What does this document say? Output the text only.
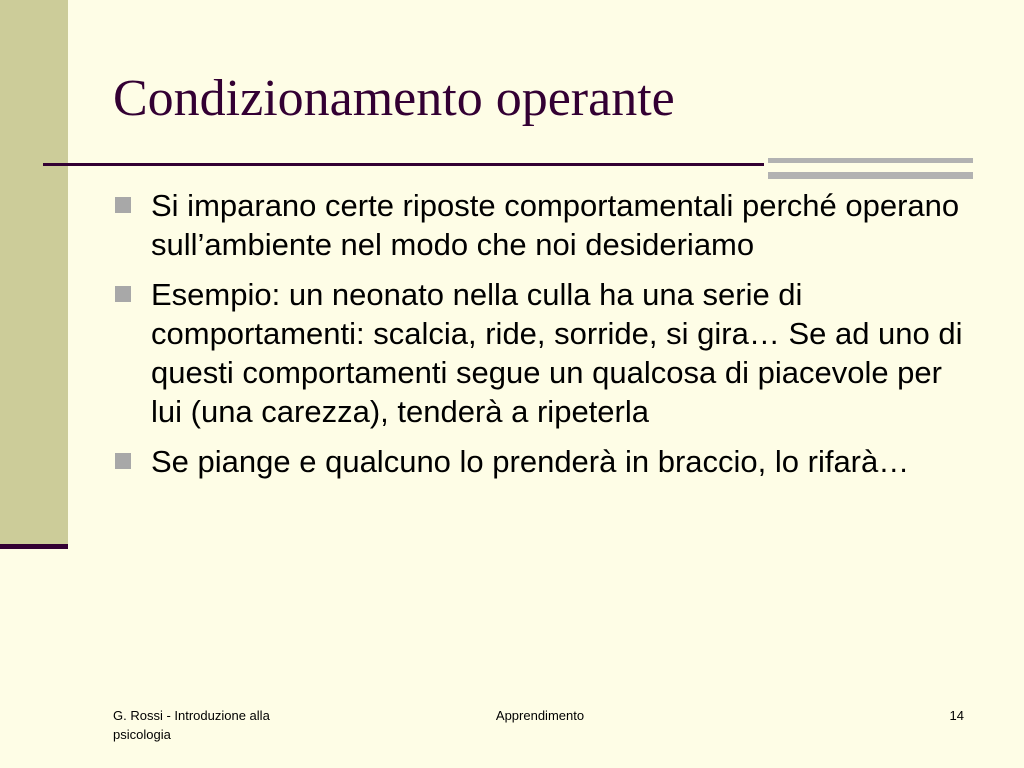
Condizionamento operante
Si imparano certe riposte comportamentali perché operano sull’ambiente nel modo che noi desideriamo
Esempio: un neonato nella culla ha una serie di comportamenti: scalcia, ride, sorride, si gira… Se ad uno di questi comportamenti segue un qualcosa di piacevole per lui (una carezza), tenderà a ripeterla
Se piange e qualcuno lo prenderà in braccio, lo rifarà…
G. Rossi - Introduzione alla psicologia
Apprendimento	14
